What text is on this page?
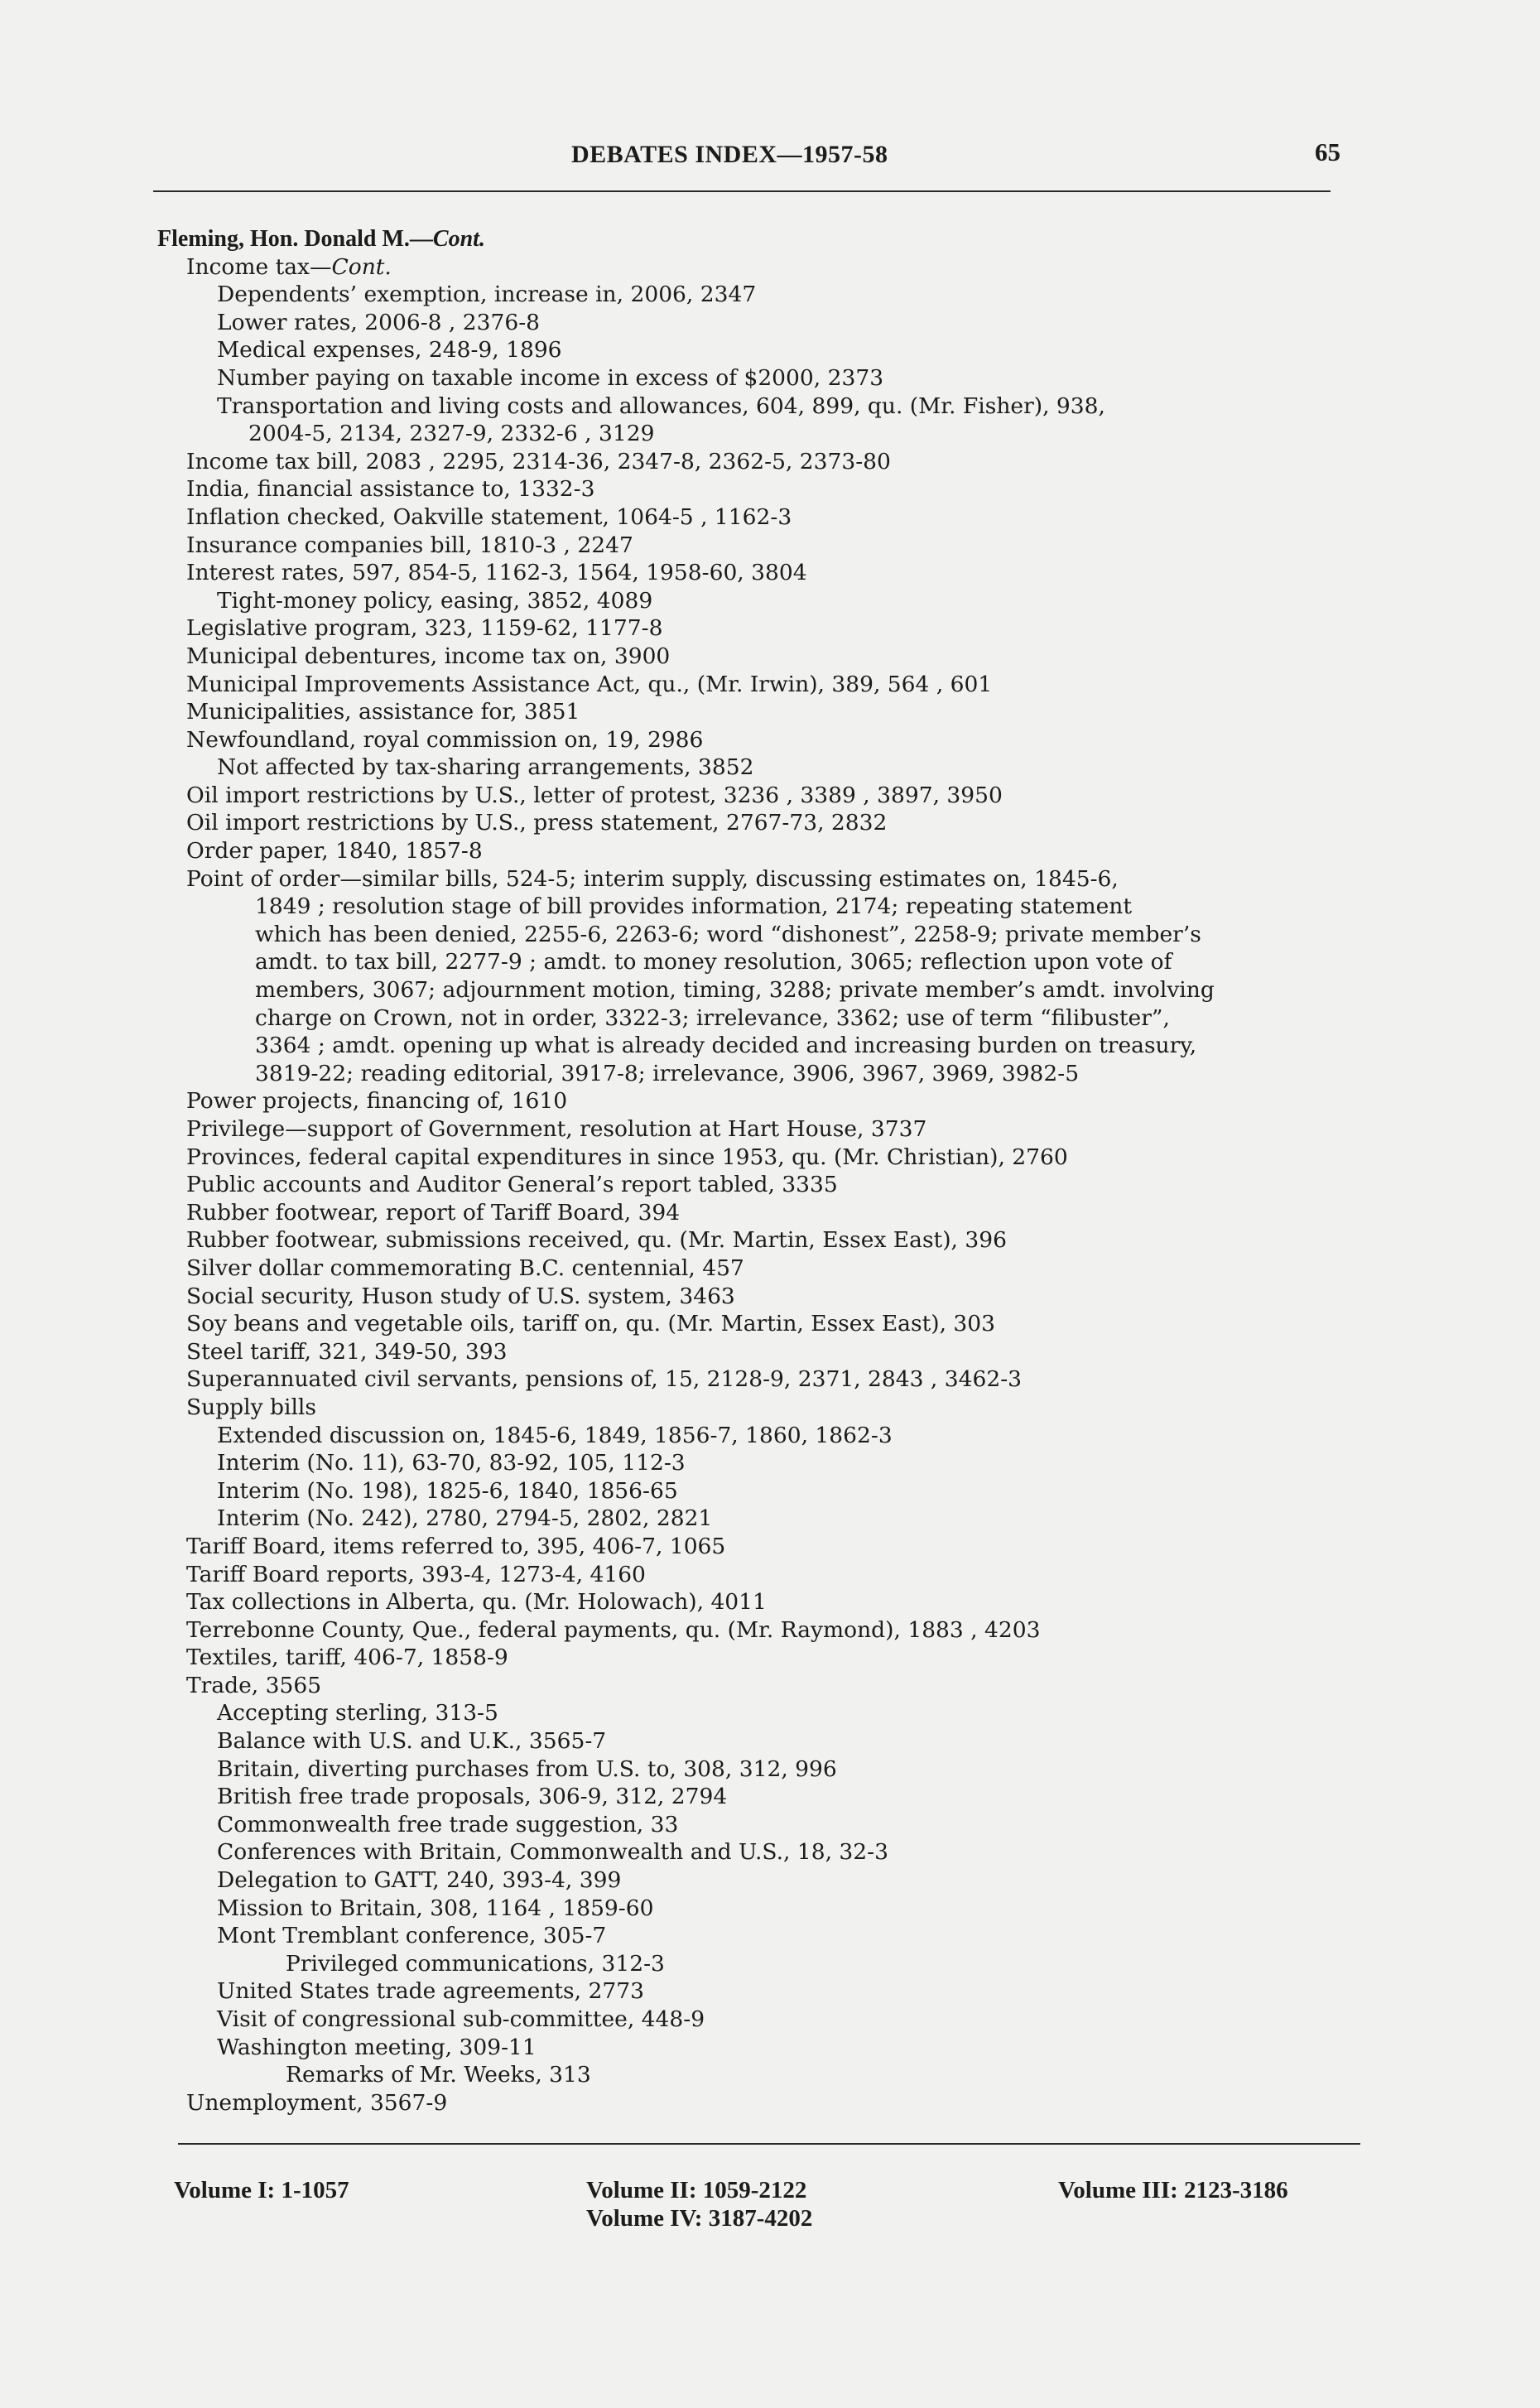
DEBATES INDEX—1957-58	65
Fleming, Hon. Donald M.—Cont.
Income tax—Cont.
Dependents’ exemption, increase in, 2006, 2347
Lower rates, 2006-8 , 2376-8
Medical expenses, 248-9, 1896
Number paying on taxable income in excess of $2000, 2373
Transportation and living costs and allowances, 604, 899, qu. (Mr. Fisher), 938,
2004-5, 2134, 2327-9, 2332-6 , 3129
Income tax bill, 2083 , 2295, 2314-36, 2347-8, 2362-5, 2373-80
India, financial assistance to, 1332-3
Inflation checked, Oakville statement, 1064-5 , 1162-3
Insurance companies bill, 1810-3 , 2247
Interest rates, 597, 854-5, 1162-3, 1564, 1958-60, 3804
Tight-money policy, easing, 3852, 4089
Legislative program, 323, 1159-62, 1177-8
Municipal debentures, income tax on, 3900
Municipal Improvements Assistance Act, qu., (Mr. Irwin), 389, 564 , 601
Municipalities, assistance for, 3851
Newfoundland, royal commission on, 19, 2986
Not affected by tax-sharing arrangements, 3852
Oil import restrictions by U.S., letter of protest, 3236 , 3389 , 3897, 3950
Oil import restrictions by U.S., press statement, 2767-73, 2832
Order paper, 1840, 1857-8
Point of order—similar bills, 524-5; interim supply, discussing estimates on, 1845-6,
1849 ; resolution stage of bill provides information, 2174; repeating statement
which has been denied, 2255-6, 2263-6; word “dishonest”, 2258-9; private member’s
amdt. to tax bill, 2277-9 ; amdt. to money resolution, 3065; reflection upon vote of
members, 3067; adjournment motion, timing, 3288; private member’s amdt. involving
charge on Crown, not in order, 3322-3; irrelevance, 3362; use of term “filibuster”,
3364 ; amdt. opening up what is already decided and increasing burden on treasury,
3819-22; reading editorial, 3917-8; irrelevance, 3906, 3967, 3969, 3982-5
Power projects, financing of, 1610
Privilege—support of Government, resolution at Hart House, 3737
Provinces, federal capital expenditures in since 1953, qu. (Mr. Christian), 2760
Public accounts and Auditor General’s report tabled, 3335
Rubber footwear, report of Tariff Board, 394
Rubber footwear, submissions received, qu. (Mr. Martin, Essex East), 396
Silver dollar commemorating B.C. centennial, 457
Social security, Huson study of U.S. system, 3463
Soy beans and vegetable oils, tariff on, qu. (Mr. Martin, Essex East), 303
Steel tariff, 321, 349-50, 393
Superannuated civil servants, pensions of, 15, 2128-9, 2371, 2843 , 3462-3
Supply bills
Extended discussion on, 1845-6, 1849, 1856-7, 1860, 1862-3
Interim (No. 11), 63-70, 83-92, 105, 112-3
Interim (No. 198), 1825-6, 1840, 1856-65
Interim (No. 242), 2780, 2794-5, 2802, 2821
Tariff Board, items referred to, 395, 406-7, 1065
Tariff Board reports, 393-4, 1273-4, 4160
Tax collections in Alberta, qu. (Mr. Holowach), 4011
Terrebonne County, Que., federal payments, qu. (Mr. Raymond), 1883 , 4203
Textiles, tariff, 406-7, 1858-9
Trade, 3565
Accepting sterling, 313-5
Balance with U.S. and U.K., 3565-7
Britain, diverting purchases from U.S. to, 308, 312, 996
British free trade proposals, 306-9, 312, 2794
Commonwealth free trade suggestion, 33
Conferences with Britain, Commonwealth and U.S., 18, 32-3
Delegation to GATT, 240, 393-4, 399
Mission to Britain, 308, 1164 , 1859-60
Mont Tremblant conference, 305-7
Privileged communications, 312-3
United States trade agreements, 2773
Visit of congressional sub-committee, 448-9
Washington meeting, 309-11
Remarks of Mr. Weeks, 313
Unemployment, 3567-9
Volume I: 1-1057	Volume II: 1059-2122
Volume IV: 3187-4202
Volume III: 2123-3186
